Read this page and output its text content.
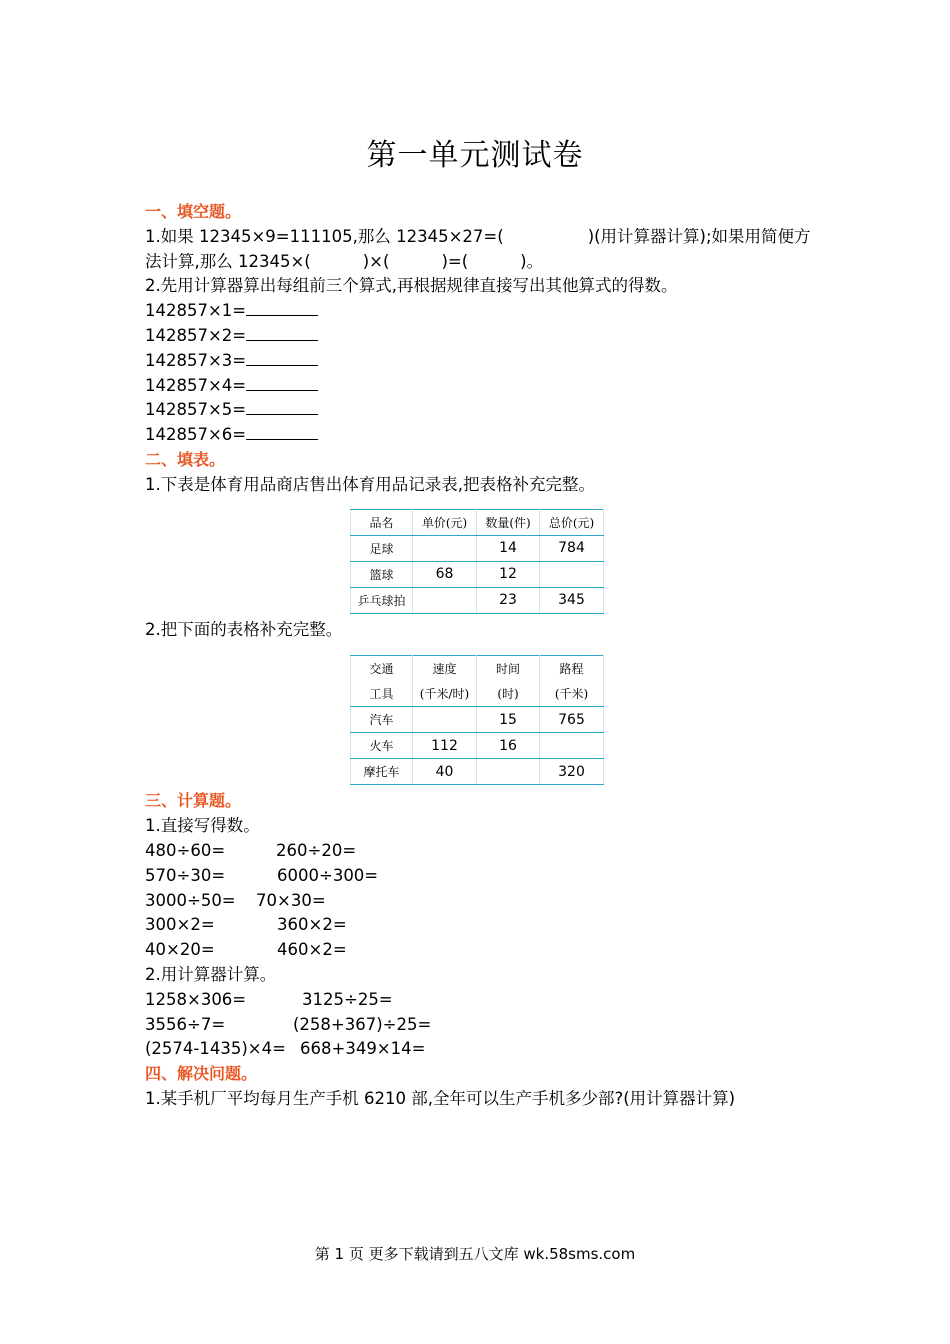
第一单元测试卷
一、填空题。
1.如果 12345×9=111105,那么 12345×27=(	)(用计算器计算);如果用简便方
法计算,那么 12345×(	)×(	)=(	)。
2.先用计算器算出每组前三个算式,再根据规律直接写出其他算式的得数。
142857×1=
142857×2=
142857×3=
142857×4=
142857×5=
142857×6=
二、填表。
1.下表是体育用品商店售出体育用品记录表,把表格补充完整。
品名	单价(元)	数量(件)	总价(元)
足球		14	784
篮球	68	12	
乒乓球拍		23	345
2.把下面的表格补充完整。
交通	速度	时间	路程
工具	(千米/时)	(时)	(千米)
汽车		15	765
火车	112	16	
摩托车	40		320
三、计算题。
1.直接写得数。
480÷60=	260÷20=
570÷30=	6000÷300=
3000÷50=	70×30=
300×2=	360×2=
40×20=	460×2=
2.用计算器计算。
1258×306=	3125÷25=
3556÷7=	(258+367)÷25=
(2574-1435)×4= 668+349×14=
四、解决问题。
1.某手机厂平均每月生产手机 6210 部,全年可以生产手机多少部?(用计算器计算)
第 1 页 更多下载请到五八文库 wk.58sms.com
